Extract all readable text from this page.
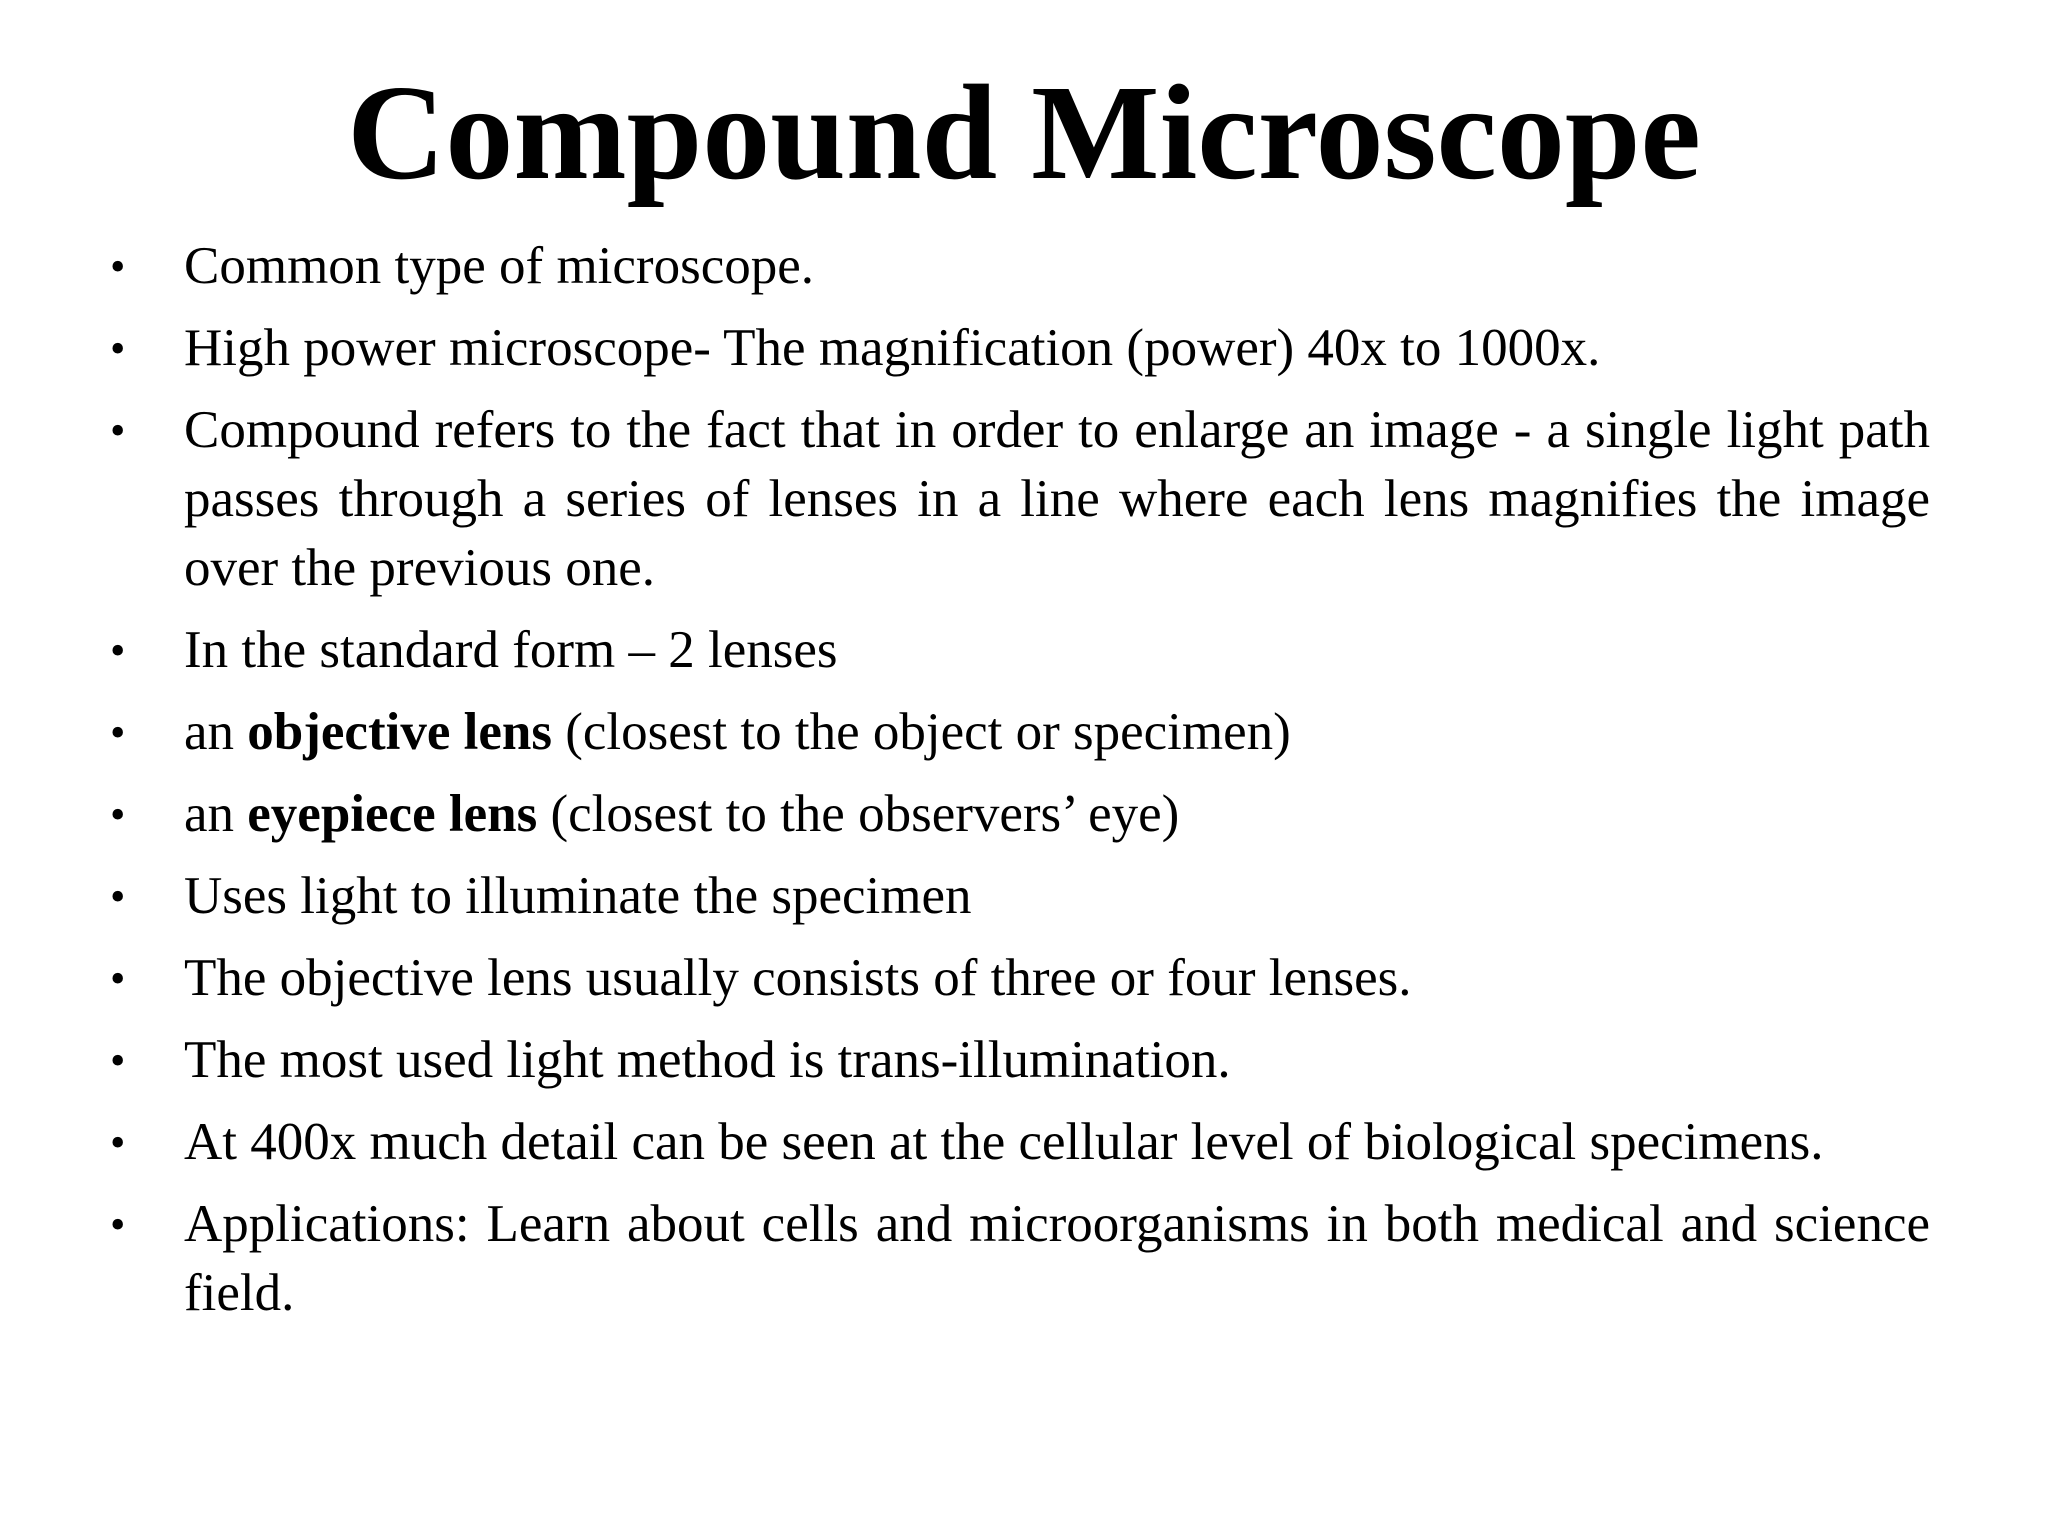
Compound Microscope
• Common type of microscope.
• High power microscope- The magnification (power) 40x to 1000x.
• Compound refers to the fact that in order to enlarge an image - a single light path passes through a series of lenses in a line where each lens magnifies the image over the previous one.
• In the standard form – 2 lenses
• an objective lens (closest to the object or specimen)
• an eyepiece lens (closest to the observers’ eye)
• Uses light to illuminate the specimen
• The objective lens usually consists of three or four lenses.
• The most used light method is trans-illumination.
• At 400x much detail can be seen at the cellular level of biological specimens.
• Applications: Learn about cells and microorganisms in both medical and science field.
